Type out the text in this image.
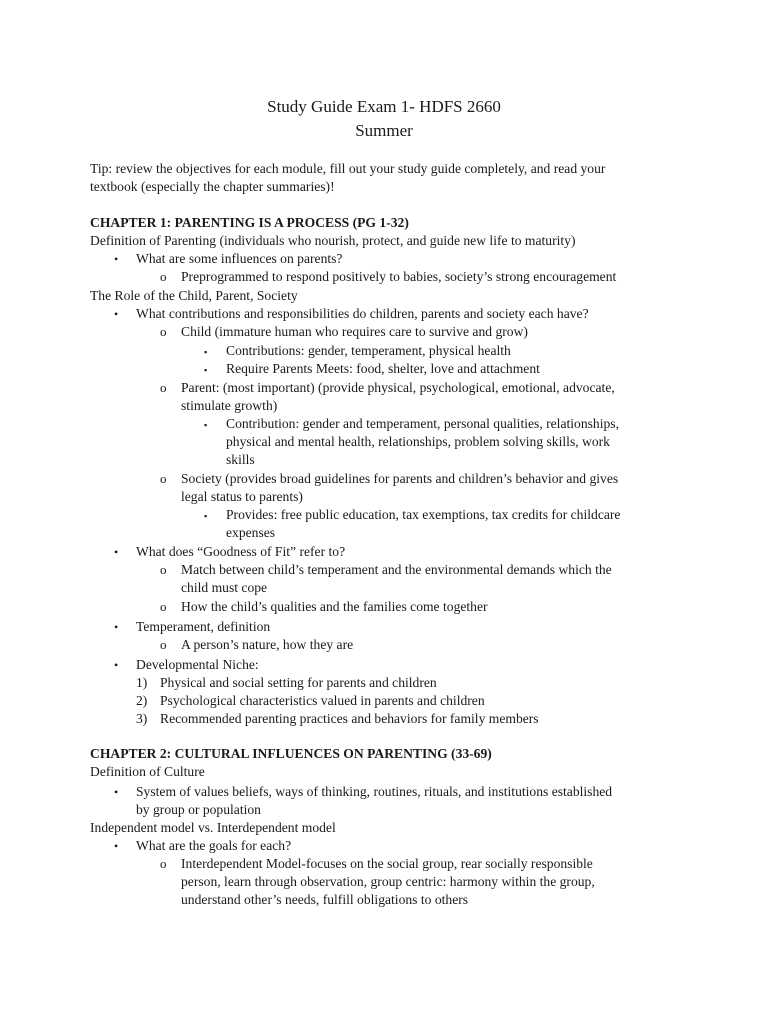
Study Guide Exam 1- HDFS 2660
Summer
Tip: review the objectives for each module, fill out your study guide completely, and read your
textbook (especially the chapter summaries)!
CHAPTER 1: PARENTING IS A PROCESS (PG 1-32)
Definition of Parenting (individuals who nourish, protect, and guide new life to maturity)
• What are some influences on parents?
o Preprogrammed to respond positively to babies, society’s strong encouragement
The Role of the Child, Parent, Society
• What contributions and responsibilities do children, parents and society each have?
o Child (immature human who requires care to survive and grow)
▪ Contributions: gender, temperament, physical health
▪ Require Parents Meets: food, shelter, love and attachment
o Parent: (most important) (provide physical, psychological, emotional, advocate,
stimulate growth)
▪ Contribution: gender and temperament, personal qualities, relationships,
physical and mental health, relationships, problem solving skills, work
skills
o Society (provides broad guidelines for parents and children’s behavior and gives
legal status to parents)
▪ Provides: free public education, tax exemptions, tax credits for childcare
expenses
• What does “Goodness of Fit” refer to?
o Match between child’s temperament and the environmental demands which the
child must cope
o How the child’s qualities and the families come together
• Temperament, definition
o A person’s nature, how they are
• Developmental Niche:
1) Physical and social setting for parents and children
2) Psychological characteristics valued in parents and children
3) Recommended parenting practices and behaviors for family members
CHAPTER 2: CULTURAL INFLUENCES ON PARENTING (33-69)
Definition of Culture
• System of values beliefs, ways of thinking, routines, rituals, and institutions established
by group or population
Independent model vs. Interdependent model
• What are the goals for each?
o Interdependent Model-focuses on the social group, rear socially responsible
person, learn through observation, group centric: harmony within the group,
understand other’s needs, fulfill obligations to others
